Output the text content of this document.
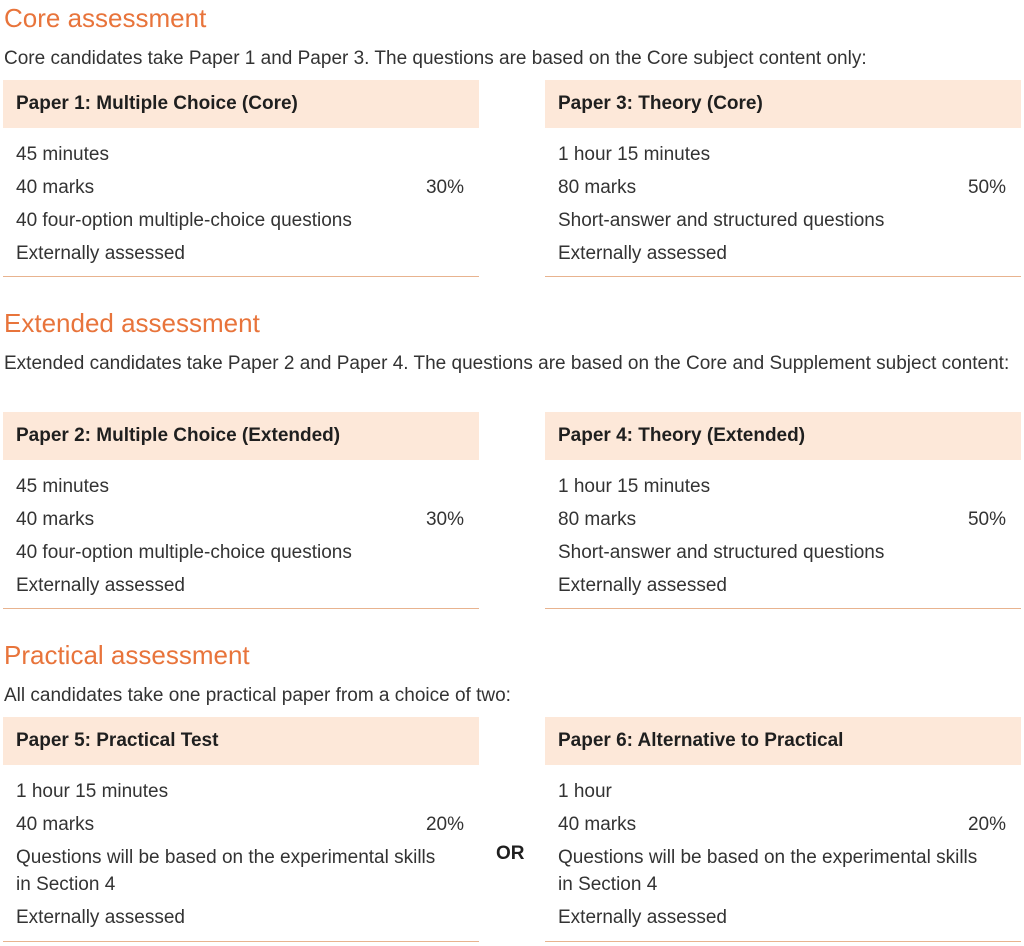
Core assessment
Core candidates take Paper 1 and Paper 3. The questions are based on the Core subject content only:
Paper 1: Multiple Choice (Core)
45 minutes
40 marks	30%
40 four-option multiple-choice questions
Externally assessed
Paper 3: Theory (Core)
1 hour 15 minutes
80 marks	50%
Short-answer and structured questions
Externally assessed
Extended assessment
Extended candidates take Paper 2 and Paper 4. The questions are based on the Core and Supplement subject content:
Paper 2: Multiple Choice (Extended)
45 minutes
40 marks	30%
40 four-option multiple-choice questions
Externally assessed
Paper 4: Theory (Extended)
1 hour 15 minutes
80 marks	50%
Short-answer and structured questions
Externally assessed
Practical assessment
All candidates take one practical paper from a choice of two:
Paper 5: Practical Test
1 hour 15 minutes
40 marks	20%
Questions will be based on the experimental skills in Section 4
Externally assessed
OR
Paper 6: Alternative to Practical
1 hour
40 marks	20%
Questions will be based on the experimental skills in Section 4
Externally assessed
